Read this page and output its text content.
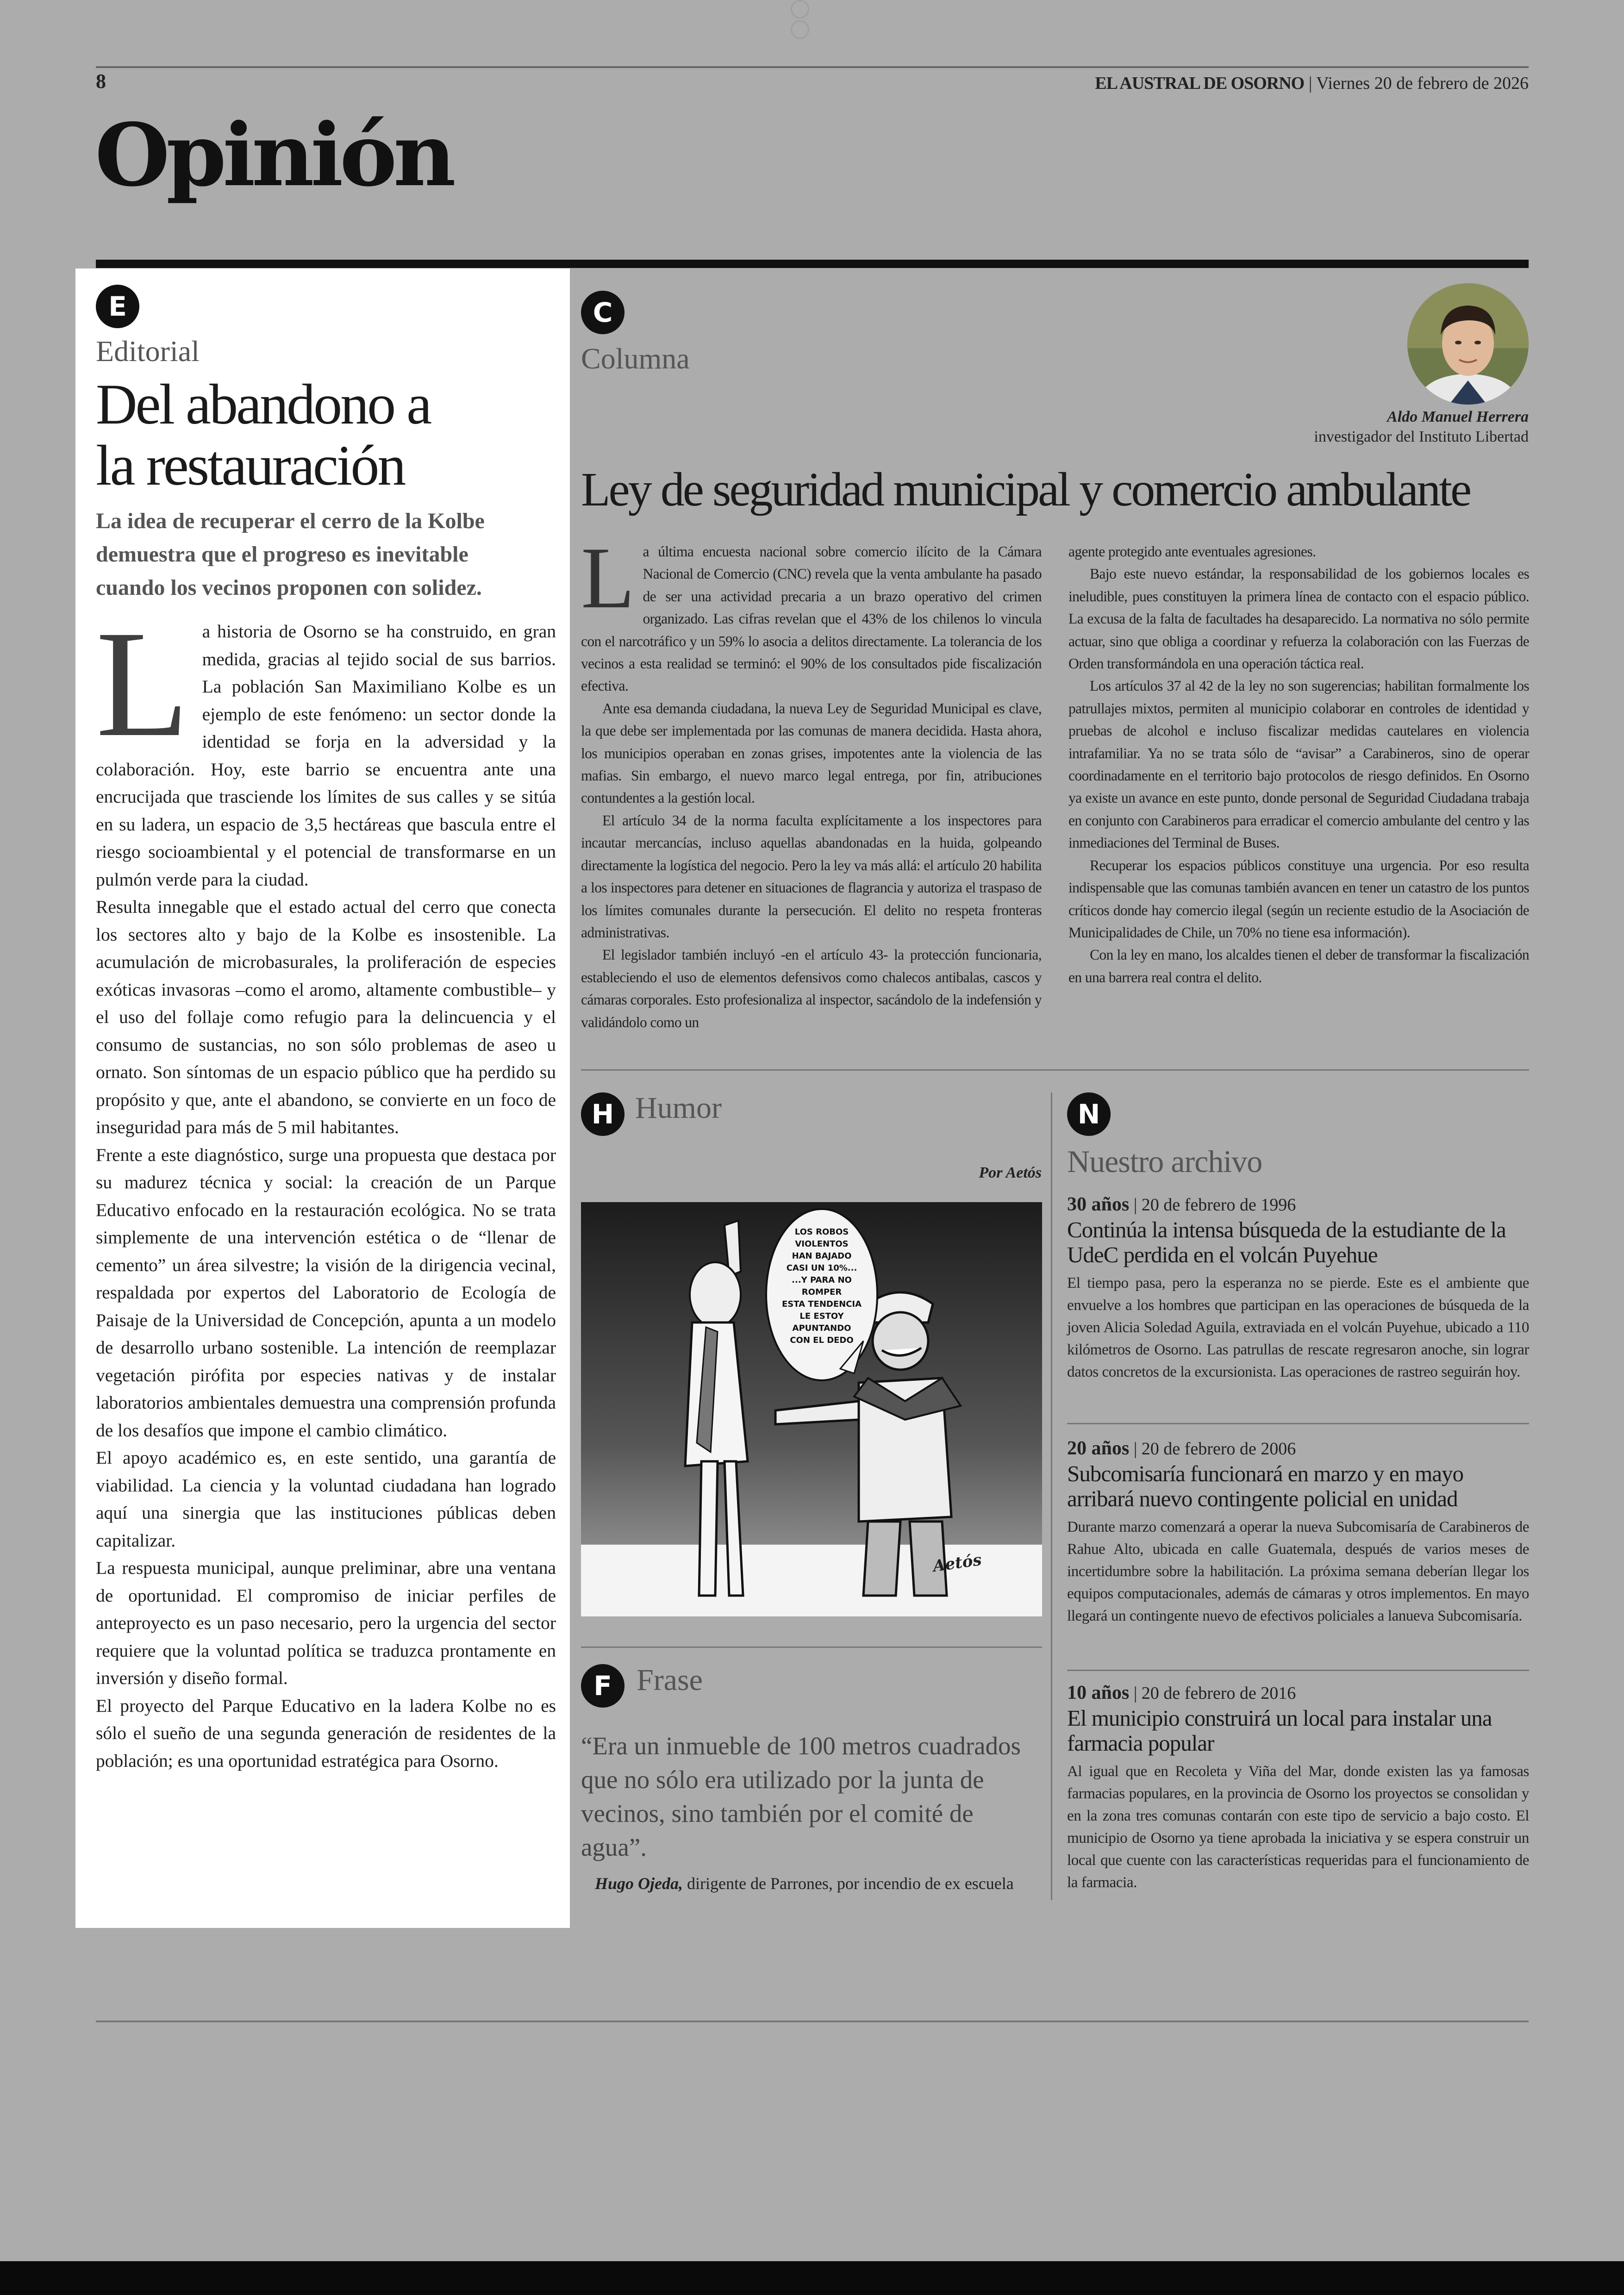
8	EL AUSTRAL DE OSORNO | Viernes 20 de febrero de 2026
Opinión
E
Editorial
Del abandono a
la restauración
La idea de recuperar el cerro de la Kolbe demuestra que el progreso es inevitable cuando los vecinos proponen con solidez.
L a historia de Osorno se ha construido, en gran medida, gracias al tejido social de sus barrios. La población San Maximiliano Kolbe es un ejemplo de este fenómeno: un sector donde la identidad se forja en la adversidad y la colaboración. Hoy, este barrio se encuentra ante una encrucijada que trasciende los límites de sus calles y se sitúa en su ladera, un espacio de 3,5 hectáreas que bascula entre el riesgo socioambiental y el potencial de transformarse en un pulmón verde para la ciudad.

Resulta innegable que el estado actual del cerro que conecta los sectores alto y bajo de la Kolbe es insostenible. La acumulación de microbasurales, la proliferación de especies exóticas invasoras –como el aromo, altamente combustible– y el uso del follaje como refugio para la delincuencia y el consumo de sustancias, no son sólo problemas de aseo u ornato. Son síntomas de un espacio público que ha perdido su propósito y que, ante el abandono, se convierte en un foco de inseguridad para más de 5 mil habitantes.

Frente a este diagnóstico, surge una propuesta que destaca por su madurez técnica y social: la creación de un Parque Educativo enfocado en la restauración ecológica. No se trata simplemente de una intervención estética o de “llenar de cemento” un área silvestre; la visión de la dirigencia vecinal, respaldada por expertos del Laboratorio de Ecología de Paisaje de la Universidad de Concepción, apunta a un modelo de desarrollo urbano sostenible. La intención de reemplazar vegetación pirófita por especies nativas y de instalar laboratorios ambientales demuestra una comprensión profunda de los desafíos que impone el cambio climático.

El apoyo académico es, en este sentido, una garantía de viabilidad. La ciencia y la voluntad ciudadana han logrado aquí una sinergia que las instituciones públicas deben capitalizar.

La respuesta municipal, aunque preliminar, abre una ventana de oportunidad. El compromiso de iniciar perfiles de anteproyecto es un paso necesario, pero la urgencia del sector requiere que la voluntad política se traduzca prontamente en inversión y diseño formal.

El proyecto del Parque Educativo en la ladera Kolbe no es sólo el sueño de una segunda generación de residentes de la población; es una oportunidad estratégica para Osorno.

C
Columna
Aldo Manuel Herrera
investigador del Instituto Libertad
Ley de seguridad municipal y comercio ambulante
L a última encuesta nacional sobre comercio ilícito de la Cámara Nacional de Comercio (CNC) revela que la venta ambulante ha pasado de ser una actividad precaria a un brazo operativo del crimen organizado. Las cifras revelan que el 43% de los chilenos lo vincula con el narcotráfico y un 59% lo asocia a delitos directamente. La tolerancia de los vecinos a esta realidad se terminó: el 90% de los consultados pide fiscalización efectiva.

Ante esa demanda ciudadana, la nueva Ley de Seguridad Municipal es clave, la que debe ser implementada por las comunas de manera decidida. Hasta ahora, los municipios operaban en zonas grises, impotentes ante la violencia de las mafias. Sin embargo, el nuevo marco legal entrega, por fin, atribuciones contundentes a la gestión local.

El artículo 34 de la norma faculta explícitamente a los inspectores para incautar mercancías, incluso aquellas abandonadas en la huida, golpeando directamente la logística del negocio. Pero la ley va más allá: el artículo 20 habilita a los inspectores para detener en situaciones de flagrancia y autoriza el traspaso de los límites comunales durante la persecución. El delito no respeta fronteras administrativas.

El legislador también incluyó -en el artículo 43- la protección funcionaria, estableciendo el uso de elementos defensivos como chalecos antibalas, cascos y cámaras corporales. Esto profesionaliza al inspector, sacándolo de la indefensión y validándolo como un

agente protegido ante eventuales agresiones.

Bajo este nuevo estándar, la responsabilidad de los gobiernos locales es ineludible, pues constituyen la primera línea de contacto con el espacio público. La excusa de la falta de facultades ha desaparecido. La normativa no sólo permite actuar, sino que obliga a coordinar y refuerza la colaboración con las Fuerzas de Orden transformándola en una operación táctica real.

Los artículos 37 al 42 de la ley no son sugerencias; habilitan formalmente los patrullajes mixtos, permiten al municipio colaborar en controles de identidad y pruebas de alcohol e incluso fiscalizar medidas cautelares en violencia intrafamiliar. Ya no se trata sólo de “avisar” a Carabineros, sino de operar coordinadamente en el territorio bajo protocolos de riesgo definidos. En Osorno ya existe un avance en este punto, donde personal de Seguridad Ciudadana trabaja en conjunto con Carabineros para erradicar el comercio ambulante del centro y las inmediaciones del Terminal de Buses.

Recuperar los espacios públicos constituye una urgencia. Por eso resulta indispensable que las comunas también avancen en tener un catastro de los puntos críticos donde hay comercio ilegal (según un reciente estudio de la Asociación de Municipalidades de Chile, un 70% no tiene esa información).

Con la ley en mano, los alcaldes tienen el deber de transformar la fiscalización en una barrera real contra el delito.

H Humor
Por Aetós
LOS ROBOS
VIOLENTOS
HAN BAJADO
CASI UN 10%...
...Y PARA NO ROMPER
ESTA TENDENCIA
LE ESTOY
APUNTANDO
CON EL DEDO
Aetós
F Frase
“Era un inmueble de 100 metros cuadrados que no sólo era utilizado por la junta de vecinos, sino también por el comité de agua”.
Hugo Ojeda, dirigente de Parrones, por incendio de ex escuela
N
Nuestro archivo
30 años | 20 de febrero de 1996
Continúa la intensa búsqueda de la estudiante de la UdeC perdida en el volcán Puyehue
El tiempo pasa, pero la esperanza no se pierde. Este es el ambiente que envuelve a los hombres que participan en las operaciones de búsqueda de la joven Alicia Soledad Aguila, extraviada en el volcán Puyehue, ubicado a 110 kilómetros de Osorno. Las patrullas de rescate regresaron anoche, sin lograr datos concretos de la excursionista. Las operaciones de rastreo seguirán hoy.
20 años | 20 de febrero de 2006
Subcomisaría funcionará en marzo y en mayo arribará nuevo contingente policial en unidad
Durante marzo comenzará a operar la nueva Subcomisaría de Carabineros de Rahue Alto, ubicada en calle Guatemala, después de varios meses de incertidumbre sobre la habilitación. La próxima semana deberían llegar los equipos computacionales, además de cámaras y otros implementos. En mayo llegará un contingente nuevo de efectivos policiales a lanueva Subcomisaría.
10 años | 20 de febrero de 2016
El municipio construirá un local para instalar una farmacia popular
Al igual que en Recoleta y Viña del Mar, donde existen las ya famosas farmacias populares, en la provincia de Osorno los proyectos se consolidan y en la zona tres comunas contarán con este tipo de servicio a bajo costo. El municipio de Osorno ya tiene aprobada la iniciativa y se espera construir un local que cuente con las características requeridas para el funcionamiento de la farmacia.
